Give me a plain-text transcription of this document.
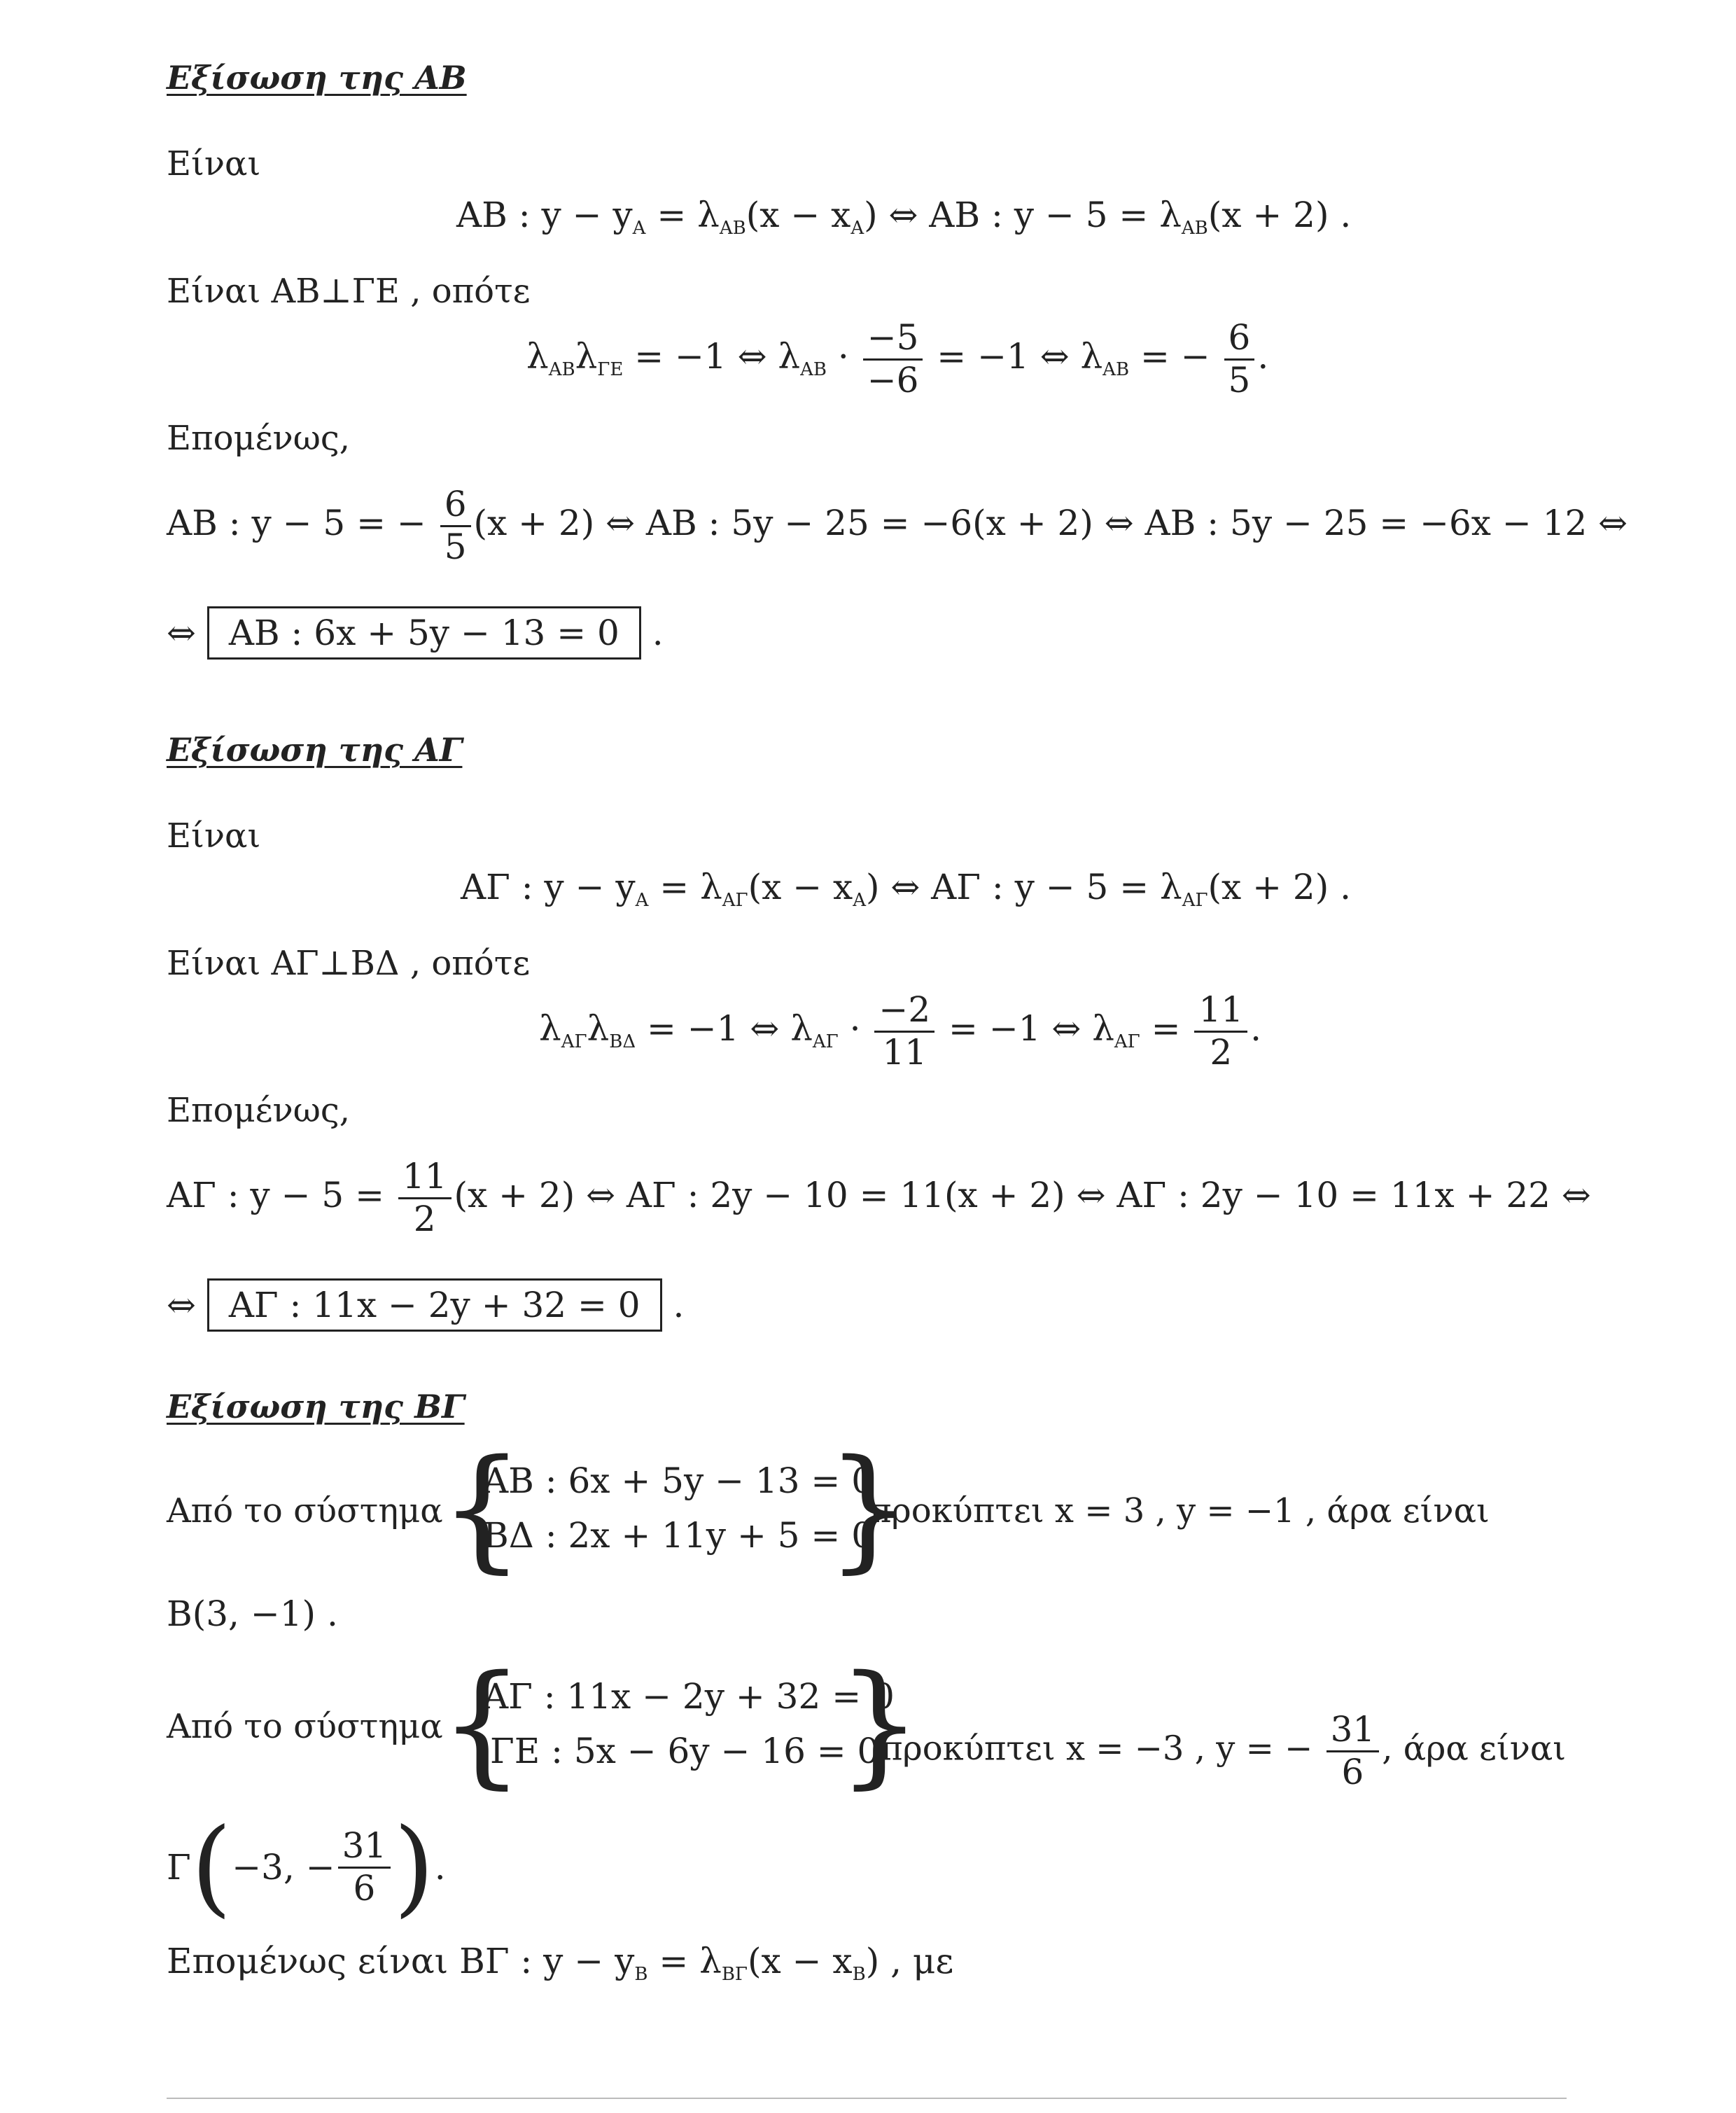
Εξίσωση της ΑΒ
Είναι
ΑΒ : $y - y_A = \lambda_{AB}(x - x_A)$ ⇔ ΑΒ : $y - 5 = \lambda_{AB}(x + 2)$ .
Είναι ΑΒ⊥ΓΕ , οπότε
$\lambda_{AB}\lambda_{\Gamma E} = -1$ ⇔ $\lambda_{AB} \cdot \frac{-5}{-6} = -1$ ⇔ $\lambda_{AB}$ = − $\frac{6}{5}$ .
Επομένως,
ΑΒ : y − 5 = − $\frac{6}{5} (x + 2)$ ⇔ ΑΒ : 5y − 25 = −6(x + 2) ⇔ ΑΒ : 5y − 25 = −6x − 12 ⇔
⇔ ΑΒ : 6x + 5y − 13 = 0 .
Εξίσωση της ΑΓ
Είναι
ΑΓ : $y - y_A = \lambda_{A\Gamma}(x - x_A)$ ⇔ ΑΓ : $y - 5 = \lambda_{A\Gamma}(x + 2)$ .
Είναι ΑΓ⊥ΒΔ , οπότε
$\lambda_{A\Gamma}\lambda_{B\Delta} = -1$ ⇔ $\lambda_{A\Gamma} \cdot \frac{-2}{11} = -1$ ⇔ $\lambda_{A\Gamma} = \frac{11}{2}$ .
Επομένως,
ΑΓ : $y - 5 = \frac{11}{2} (x + 2)$ ⇔ ΑΓ : 2y − 10 = 11(x + 2) ⇔ ΑΓ : 2y − 10 = 11x + 22 ⇔
⇔ ΑΓ : 11x − 2y + 32 = 0 .
Εξίσωση της ΒΓ
Από το σύστημα
{
ΑΒ : 6x + 5y − 13 = 0
ΒΔ : 2x + 11y + 5 = 0
}
προκύπτει x = 3 , y = −1 , άρα είναι
Β(3, −1) .
Από το σύστημα
{
ΑΓ : 11x − 2y + 32 = 0
ΓΕ : 5x − 6y − 16 = 0
}
προκύπτει x = −3 , y = − $\frac{31}{6}$ , άρα είναι
Γ ( −3, − $\frac{31}{6}$ ) .
Επομένως είναι ΒΓ : $y - y_B = \lambda_{B\Gamma}(x - x_B)$ , με
